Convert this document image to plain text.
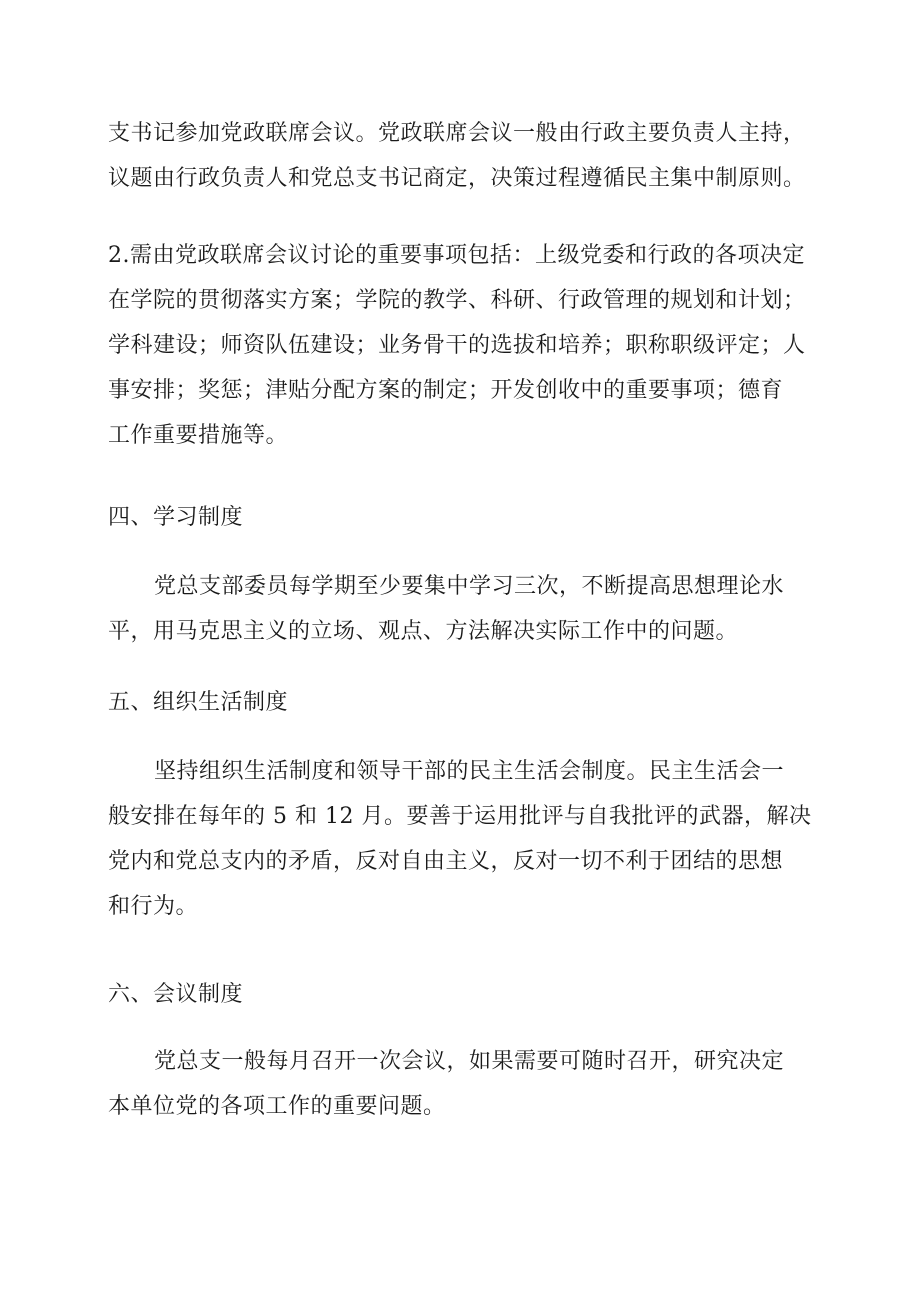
支书记参加党政联席会议。党政联席会议一般由行政主要负责人主持，
议题由行政负责人和党总支书记商定，决策过程遵循民主集中制原则。

2.需由党政联席会议讨论的重要事项包括：上级党委和行政的各项决定
在学院的贯彻落实方案；学院的教学、科研、行政管理的规划和计划；
学科建设；师资队伍建设；业务骨干的选拔和培养；职称职级评定；人
事安排；奖惩；津贴分配方案的制定；开发创收中的重要事项；德育
工作重要措施等。

四、学习制度

党总支部委员每学期至少要集中学习三次，不断提高思想理论水
平，用马克思主义的立场、观点、方法解决实际工作中的问题。

五、组织生活制度

坚持组织生活制度和领导干部的民主生活会制度。民主生活会一
般安排在每年的 5 和 12 月。要善于运用批评与自我批评的武器，解决
党内和党总支内的矛盾，反对自由主义，反对一切不利于团结的思想
和行为。

六、会议制度

党总支一般每月召开一次会议，如果需要可随时召开，研究决定
本单位党的各项工作的重要问题。
